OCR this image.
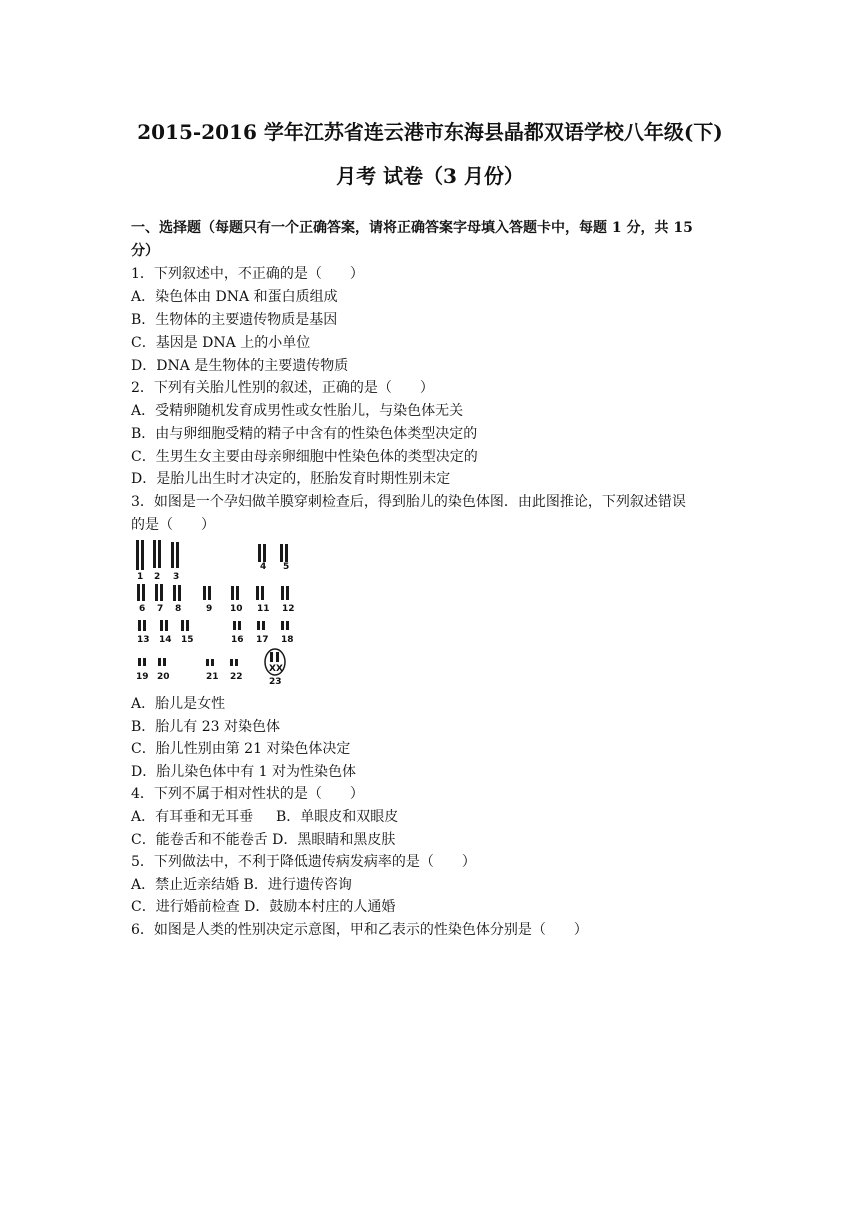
2015-2016 学年江苏省连云港市东海县晶都双语学校八年级(下)
月考 试卷（3 月份）
一、选择题（每题只有一个正确答案，请将正确答案字母填入答题卡中，每题 1 分，共 15
分）
1．下列叙述中，不正确的是（　　）
A．染色体由 DNA 和蛋白质组成
B．生物体的主要遗传物质是基因
C．基因是 DNA 上的小单位
D．DNA 是生物体的主要遗传物质
2．下列有关胎儿性别的叙述，正确的是（　　）
A．受精卵随机发育成男性或女性胎儿，与染色体无关
B．由与卵细胞受精的精子中含有的性染色体类型决定的
C．生男生女主要由母亲卵细胞中性染色体的类型决定的
D．是胎儿出生时才决定的，胚胎发育时期性别未定
3．如图是一个孕妇做羊膜穿刺检查后，得到胎儿的染色体图．由此图推论，下列叙述错误
的是（　　）
1 2 3
4 5
6 7 8	9 10 11 12
13 14 15	16 17 18
XX
19 20	21 22	23
A．胎儿是女性
B．胎儿有 23 对染色体
C．胎儿性别由第 21 对染色体决定
D．胎儿染色体中有 1 对为性染色体
4．下列不属于相对性状的是（　　）
A．有耳垂和无耳垂　  B．单眼皮和双眼皮
C．能卷舌和不能卷舌 D．黑眼睛和黑皮肤
5．下列做法中，不利于降低遗传病发病率的是（　　）
A．禁止近亲结婚 B．进行遗传咨询
C．进行婚前检查 D．鼓励本村庄的人通婚
6．如图是人类的性别决定示意图，甲和乙表示的性染色体分别是（　　）
